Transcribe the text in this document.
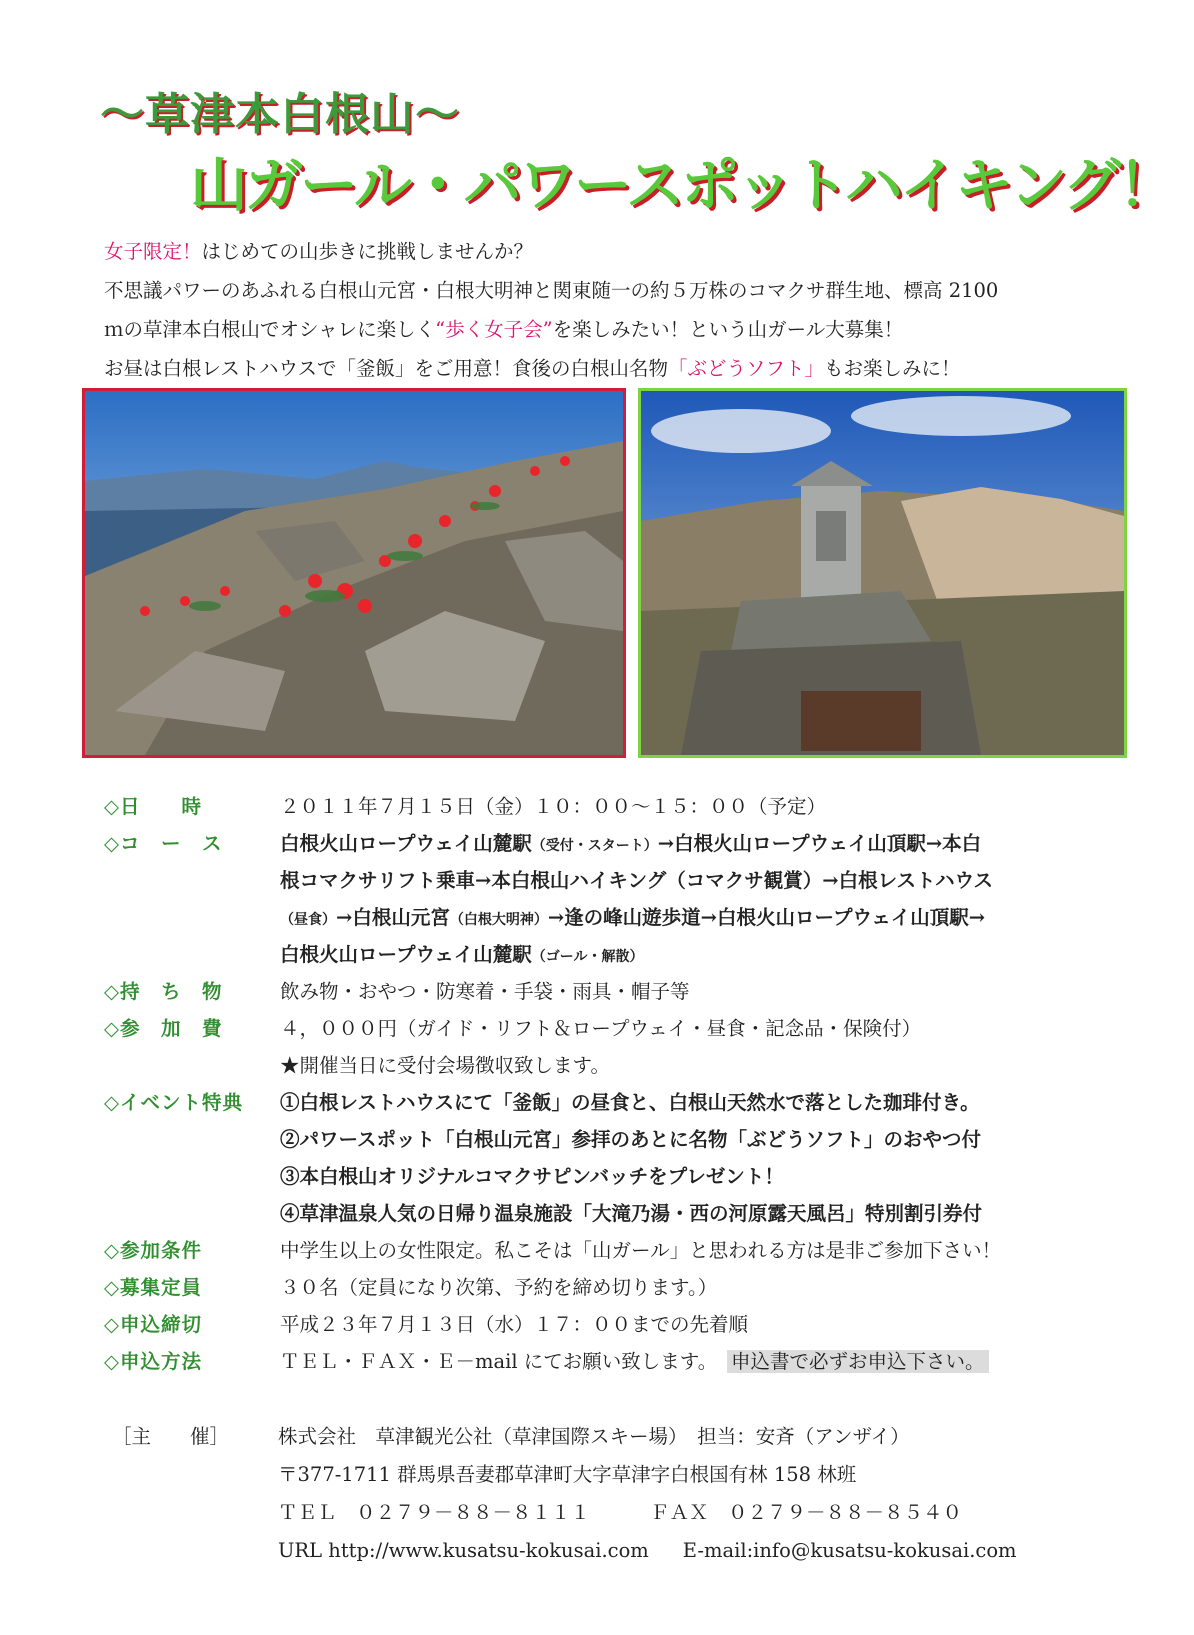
〜草津本白根山〜
山ガール・パワースポットハイキング！
女子限定！はじめての山歩きに挑戦しませんか？
不思議パワーのあふれる白根山元宮・白根大明神と関東随一の約５万株のコマクサ群生地、標高 2100
ｍの草津本白根山でオシャレに楽しく“歩く女子会”を楽しみたい！という山ガール大募集！
お昼は白根レストハウスで「釜飯」をご用意！食後の白根山名物「ぶどうソフト」もお楽しみに！
◇日　　時	２０１１年７月１５日（金）１０：００〜１５：００（予定）
◇コ　ー　ス	白根火山ロープウェイ山麓駅（受付・スタート）→白根火山ロープウェイ山頂駅→本白
根コマクサリフト乗車→本白根山ハイキング（コマクサ観賞）→白根レストハウス
（昼食）→白根山元宮（白根大明神）→逢の峰山遊歩道→白根火山ロープウェイ山頂駅→
白根火山ロープウェイ山麓駅（ゴール・解散）
◇持　ち　物	飲み物・おやつ・防寒着・手袋・雨具・帽子等
◇参　加　費	４，０００円（ガイド・リフト＆ロープウェイ・昼食・記念品・保険付）
★開催当日に受付会場徴収致します。
◇イベント特典	①白根レストハウスにて「釜飯」の昼食と、白根山天然水で落とした珈琲付き。
②パワースポット「白根山元宮」参拝のあとに名物「ぶどうソフト」のおやつ付
③本白根山オリジナルコマクサピンバッチをプレゼント！
④草津温泉人気の日帰り温泉施設「大滝乃湯・西の河原露天風呂」特別割引券付
◇参加条件	中学生以上の女性限定。私こそは「山ガール」と思われる方は是非ご参加下さい！
◇募集定員	３０名（定員になり次第、予約を締め切ります。）
◇申込締切	平成２３年７月１３日（水）１７：００までの先着順
◇申込方法	ＴＥＬ・ＦＡＸ・Ｅ－mail にてお願い致します。　 申込書で必ずお申込下さい。
［主　　催］	株式会社　草津観光公社（草津国際スキー場）　担当：安斉（アンザイ）
〒377-1711 群馬県吾妻郡草津町大字草津字白根国有林 158 林班
ＴＥＬ　０２７９－８８－８１１１	ＦＡＸ　０２７９－８８－８５４０
URL http://www.kusatsu-kokusai.com E-mail:info@kusatsu-kokusai.com
